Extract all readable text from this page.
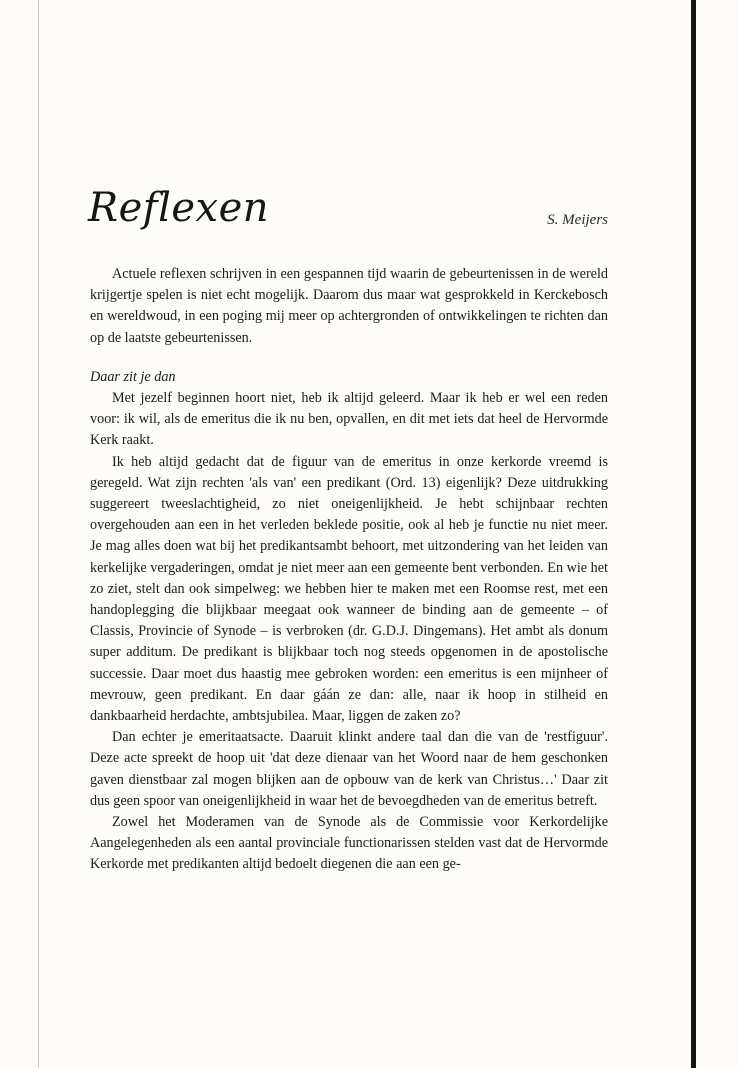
Reflexen	S. Meijers

Actuele reflexen schrijven in een gespannen tijd waarin de gebeurtenissen in de wereld krijgertje spelen is niet echt mogelijk. Daarom dus maar wat gesprokkeld in Kerckebosch en wereldwoud, in een poging mij meer op achtergronden of ontwikkelingen te richten dan op de laatste gebeurtenissen.

Daar zit je dan

Met jezelf beginnen hoort niet, heb ik altijd geleerd. Maar ik heb er wel een reden voor: ik wil, als de emeritus die ik nu ben, opvallen, en dit met iets dat heel de Hervormde Kerk raakt.

Ik heb altijd gedacht dat de figuur van de emeritus in onze kerkorde vreemd is geregeld. Wat zijn rechten 'als van' een predikant (Ord. 13) eigenlijk? Deze uitdrukking suggereert tweeslachtigheid, zo niet oneigenlijkheid. Je hebt schijnbaar rechten overgehouden aan een in het verleden beklede positie, ook al heb je functie nu niet meer. Je mag alles doen wat bij het predikantsambt behoort, met uitzondering van het leiden van kerkelijke vergaderingen, omdat je niet meer aan een gemeente bent verbonden. En wie het zo ziet, stelt dan ook simpelweg: we hebben hier te maken met een Roomse rest, met een handoplegging die blijkbaar meegaat ook wanneer de binding aan de gemeente – of Classis, Provincie of Synode – is verbroken (dr. G.D.J. Dingemans). Het ambt als donum super additum. De predikant is blijkbaar toch nog steeds opgenomen in de apostolische successie. Daar moet dus haastig mee gebroken worden: een emeritus is een mijnheer of mevrouw, geen predikant. En daar gáán ze dan: alle, naar ik hoop in stilheid en dankbaarheid herdachte, ambtsjubilea. Maar, liggen de zaken zo?

Dan echter je emeritaatsacte. Daaruit klinkt andere taal dan die van de 'restfiguur'. Deze acte spreekt de hoop uit 'dat deze dienaar van het Woord naar de hem geschonken gaven dienstbaar zal mogen blijken aan de opbouw van de kerk van Christus…' Daar zit dus geen spoor van oneigenlijkheid in waar het de bevoegdheden van de emeritus betreft.

Zowel het Moderamen van de Synode als de Commissie voor Kerkordelijke Aangelegenheden als een aantal provinciale functionarissen stelden vast dat de Hervormde Kerkorde met predikanten altijd bedoelt diegenen die aan een ge-
